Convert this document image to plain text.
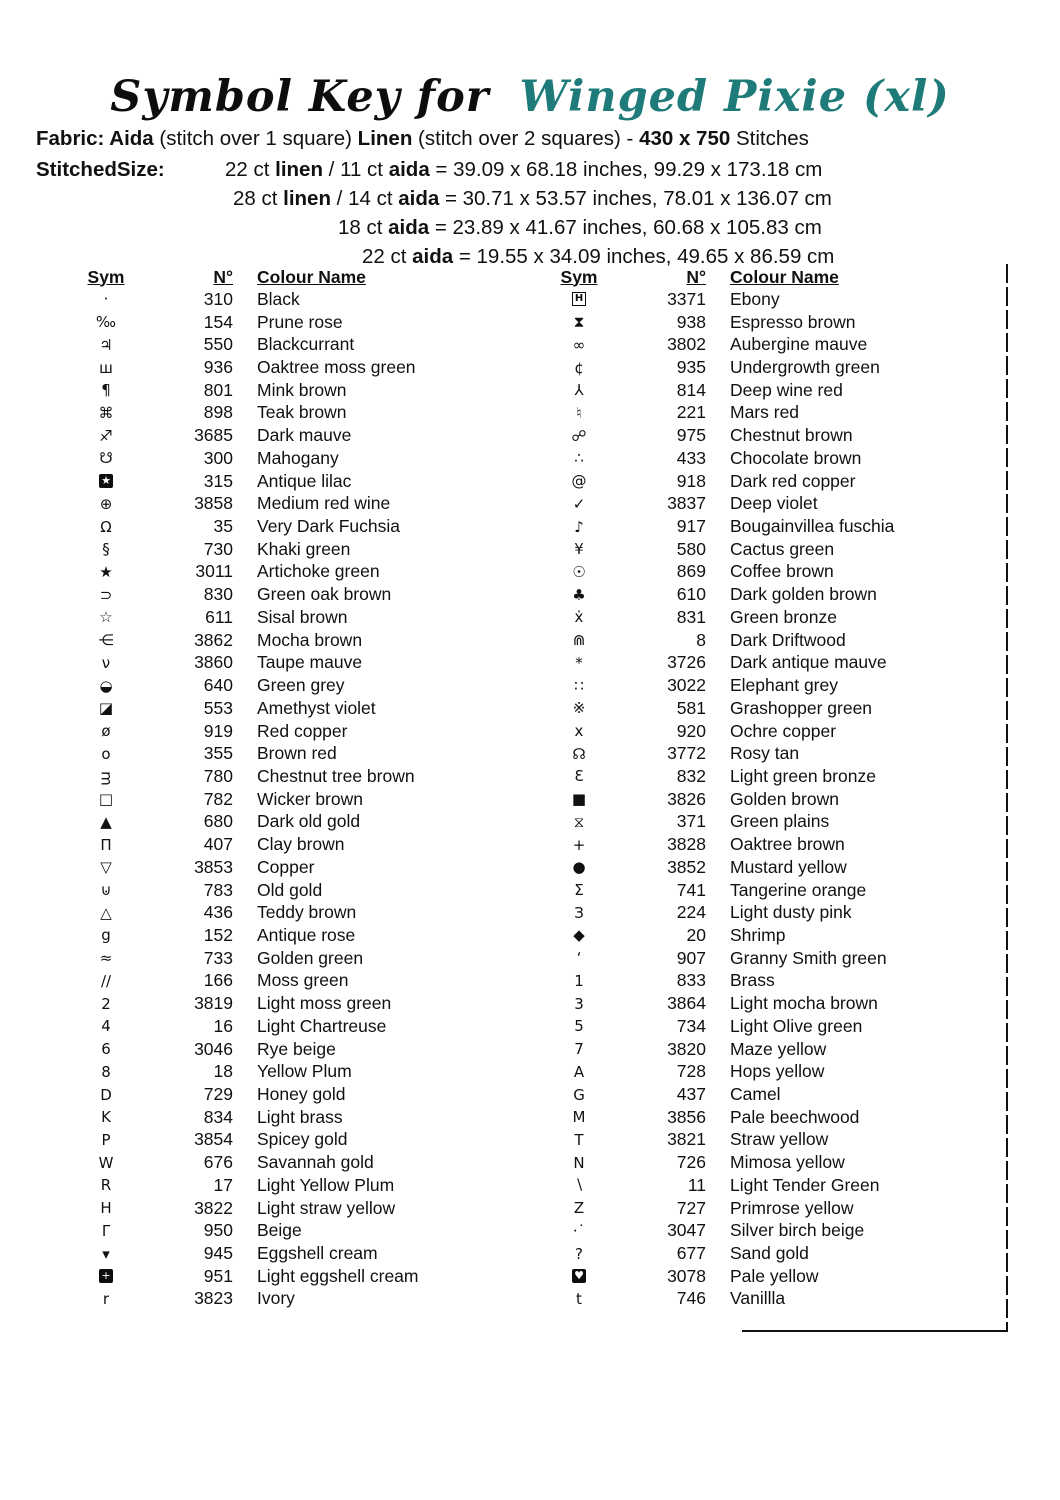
Symbol Key for Winged Pixie (xl)
Fabric: Aida (stitch over 1 square) Linen (stitch over 2 squares) - 430 x 750 Stitches
StitchedSize:	22 ct linen / 11 ct aida = 39.09 x 68.18 inches, 99.29 x 173.18 cm
28 ct linen / 14 ct aida = 30.71 x 53.57 inches, 78.01 x 136.07 cm
18 ct aida = 23.89 x 41.67 inches, 60.68 x 105.83 cm
22 ct aida = 19.55 x 34.09 inches, 49.65 x 86.59 cm
Sym	N°	Colour Name
·	310	Black
‰	154	Prune rose
♃	550	Blackcurrant
ш	936	Oaktree moss green
¶	801	Mink brown
⌘	898	Teak brown
♐	3685	Dark mauve
☋	300	Mahogany
★	315	Antique lilac
⊕	3858	Medium red wine
Ω	35	Very Dark Fuchsia
§	730	Khaki green
★	3011	Artichoke green
⊃	830	Green oak brown
☆	611	Sisal brown
⋲	3862	Mocha brown
ν	3860	Taupe mauve
◒	640	Green grey
◪	553	Amethyst violet
ø	919	Red copper
o	355	Brown red
ᴟ	780	Chestnut tree brown
□	782	Wicker brown
▲	680	Dark old gold
Π	407	Clay brown
▽	3853	Copper
⊍	783	Old gold
△	436	Teddy brown
g	152	Antique rose
≈	733	Golden green
∕∕	166	Moss green
2	3819	Light moss green
4	16	Light Chartreuse
6	3046	Rye beige
8	18	Yellow Plum
D	729	Honey gold
K	834	Light brass
P	3854	Spicey gold
W	676	Savannah gold
R	17	Light Yellow Plum
H	3822	Light straw yellow
Γ	950	Beige
▾	945	Eggshell cream
+	951	Light eggshell cream
r	3823	Ivory
Sym	N°	Colour Name
H	3371	Ebony
⧗	938	Espresso brown
∞	3802	Aubergine mauve
¢	935	Undergrowth green
⅄	814	Deep wine red
♮	221	Mars red
☍	975	Chestnut brown
∴	433	Chocolate brown
@	918	Dark red copper
✓	3837	Deep violet
♪	917	Bougainvillea fuschia
¥	580	Cactus green
☉	869	Coffee brown
♣	610	Dark golden brown
ẋ	831	Green bronze
⋒	8	Dark Driftwood
*	3726	Dark antique mauve
∷	3022	Elephant grey
※	581	Grashopper green
x	920	Ochre copper
☊	3772	Rosy tan
Ɛ	832	Light green bronze
■	3826	Golden brown
⧖	371	Green plains
+	3828	Oaktree brown
●	3852	Mustard yellow
Σ	741	Tangerine orange
З	224	Light dusty pink
◆	20	Shrimp
‘	907	Granny Smith green
1	833	Brass
3	3864	Light mocha brown
5	734	Light Olive green
7	3820	Maze yellow
A	728	Hops yellow
G	437	Camel
M	3856	Pale beechwood
T	3821	Straw yellow
N	726	Mimosa yellow
∖	11	Light Tender Green
Z	727	Primrose yellow
·˙	3047	Silver birch beige
?	677	Sand gold
♥	3078	Pale yellow
t	746	Vanillla
